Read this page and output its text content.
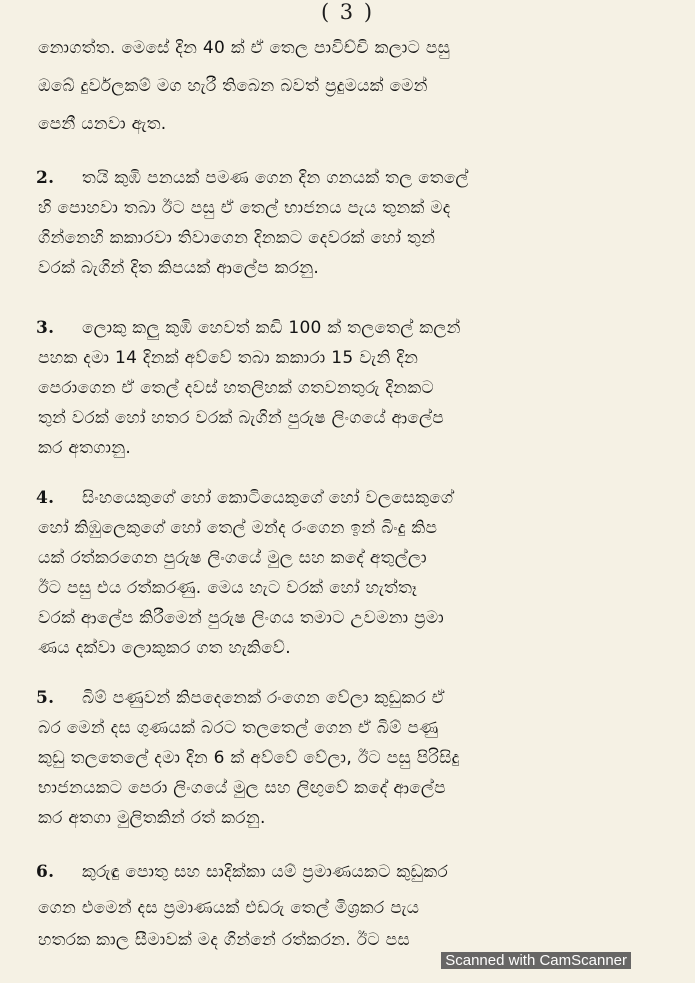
( 3 )
නොගත්ත. මෙසේ දින 40 ක් ඒ තෙල පාවිච්චි කලාට පසු
ඔබේ දුර්වලකම් මග හැරී තිබෙන බවත් ප්‍රදුමයක් මෙන්
පෙනී යනවා ඇත.
2. තයි කුඹි පනයක් පමණ ගෙන දින ගනයක් තල තෙලේ
හි පොහවා තබා ඊට පසු ඒ තෙල් භාජනය පැය තුනක් මද
ගින්නෙහි කකාරවා තිවාගෙන දිනකට දෙවරක් හෝ තුන්
වරක් බැගින් දිත කිපයක් ආලේප කරනු.
3. ලොකු කලු කුඹි හෙවත් කඩි 100 ක් තලතෙල් කලන්
පහක දමා 14 දිනක් අව්වේ තබා කකාරා 15 වැනි දින
පෙරාගෙන ඒ තෙල් දවස් හතලිහක් ගතවනතුරු දිනකට
තුන් වරක් හෝ හතර වරක් බැගින් පුරුෂ ලිංගයේ ආලේප
කර අතගානු.
4. සිංහයෙකුගේ හෝ කොටියෙකුගේ හෝ වලසෙකුගේ
හෝ කිඹුලෙකුගේ හෝ තෙල් මන්ද රංගෙන ඉන් බිංදු කිප
යක් රත්කරගෙන පුරුෂ ලිංගයේ මුල සහ කදේ අතුල්ලා
ඊට පසු එය රත්කරණු. මෙය හැට වරක් හෝ හැත්තෑ
වරක් ආලේප කිරීමෙන් පුරුෂ ලිංගය තමාට උවමනා ප්‍රමා
ණය දක්වා ලොකුකර ගත හැකිවේ.
5. බිම් පණුවන් කිපදෙනෙක් රංගෙන වේලා කුඩුකර ඒ
බර මෙන් දස ගුණයක් බරට තලතෙල් ගෙන ඒ බිම් පණු
කුඩු තලතෙලේ දමා දින 6 ක් අව්වේ වේලා, ඊට පසු පිරිසිදු
භාජනයකට පෙරා ලිංගයේ මුල සහ ලිඟුවේ කදේ ආලේප
කර අතගා මුලිතකින් රත් කරනු.
6. කුරුඳු පොතු සහ සාදික්කා යම් ප්‍රමාණයකට කුඩුකර
ගෙන එමෙන් දස ප්‍රමාණයක් එඩරු තෙල් මිශ්‍රකර පැය
හතරක කාල සීමාවක් මද ගින්නේ රත්කරන. ඊට පස
Scanned with CamScanner
